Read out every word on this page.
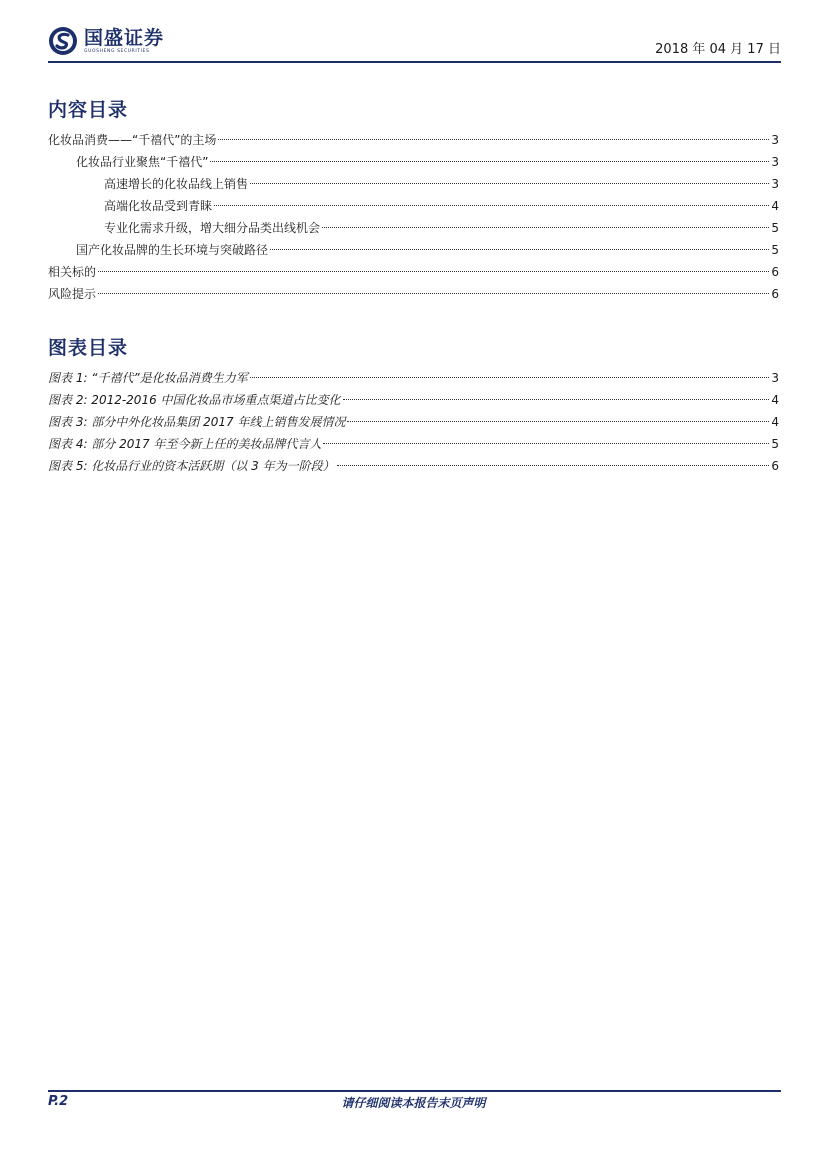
国盛证券
GUOSHENG SECURITIES	2018 年 04 月 17 日
内容目录
化妆品消费——“千禧代”的主场	3
化妆品行业聚焦“千禧代”	3
高速增长的化妆品线上销售	3
高端化妆品受到青睐	4
专业化需求升级，增大细分品类出线机会	5
国产化妆品牌的生长环境与突破路径	5
相关标的	6
风险提示	6
图表目录
图表 1: “千禧代”是化妆品消费生力军	3
图表 2: 2012-2016 中国化妆品市场重点渠道占比变化	4
图表 3: 部分中外化妆品集团 2017 年线上销售发展情况	4
图表 4: 部分 2017 年至今新上任的美妆品牌代言人	5
图表 5: 化妆品行业的资本活跃期（以 3 年为一阶段）	6
请仔细阅读本报告末页声明
P.2
